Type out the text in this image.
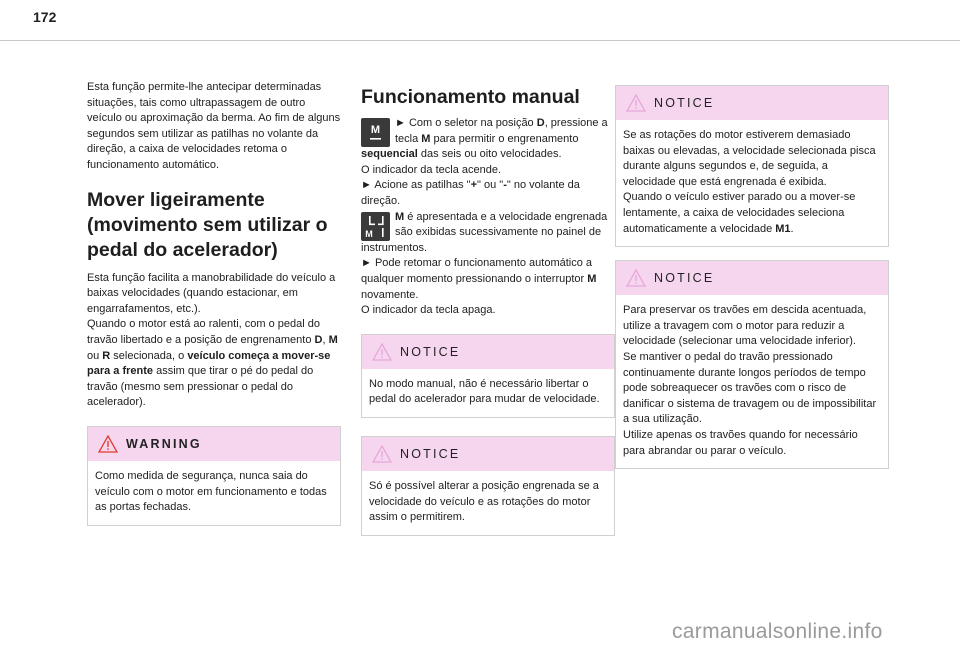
172

Esta função permite-lhe antecipar determinadas situações, tais como ultrapassagem de outro veículo ou aproximação da berma. Ao fim de alguns segundos sem utilizar as patilhas no volante da direção, a caixa de velocidades retoma o funcionamento automático.

Mover ligeiramente (movimento sem utilizar o pedal do acelerador)

Esta função facilita a manobrabilidade do veículo a baixas velocidades (quando estacionar, em engarrafamentos, etc.).

Quando o motor está ao ralenti, com o pedal do travão libertado e a posição de engrenamento D, M ou R selecionada, o veículo começa a mover-se para a frente assim que tirar o pé do pedal do travão (mesmo sem pressionar o pedal do acelerador).

WARNING

Como medida de segurança, nunca saia do veículo com o motor em funcionamento e todas as portas fechadas.

Funcionamento manual
M

► Com o seletor na posição D, pressione a tecla M para permitir o engrenamento sequencial das seis ou oito velocidades.

O indicador da tecla acende.

► Acione as patilhas "+" ou "-" no volante da direção.

M

M é apresentada e a velocidade engrenada são exibidas sucessivamente no painel de instrumentos.

► Pode retomar o funcionamento automático a qualquer momento pressionando o interruptor M novamente.

O indicador da tecla apaga.

NOTICE

No modo manual, não é necessário libertar o pedal do acelerador para mudar de velocidade.

NOTICE

Só é possível alterar a posição engrenada se a velocidade do veículo e as rotações do motor assim o permitirem.

NOTICE

Se as rotações do motor estiverem demasiado baixas ou elevadas, a velocidade selecionada pisca durante alguns segundos e, de seguida, a velocidade que está engrenada é exibida.

Quando o veículo estiver parado ou a mover-se lentamente, a caixa de velocidades seleciona automaticamente a velocidade M1.

NOTICE

Para preservar os travões em descida acentuada, utilize a travagem com o motor para reduzir a velocidade (selecionar uma velocidade inferior).

Se mantiver o pedal do travão pressionado continuamente durante longos períodos de tempo pode sobreaquecer os travões com o risco de danificar o sistema de travagem ou de impossibilitar a sua utilização.

Utilize apenas os travões quando for necessário para abrandar ou parar o veículo.

carmanualsonline.info
